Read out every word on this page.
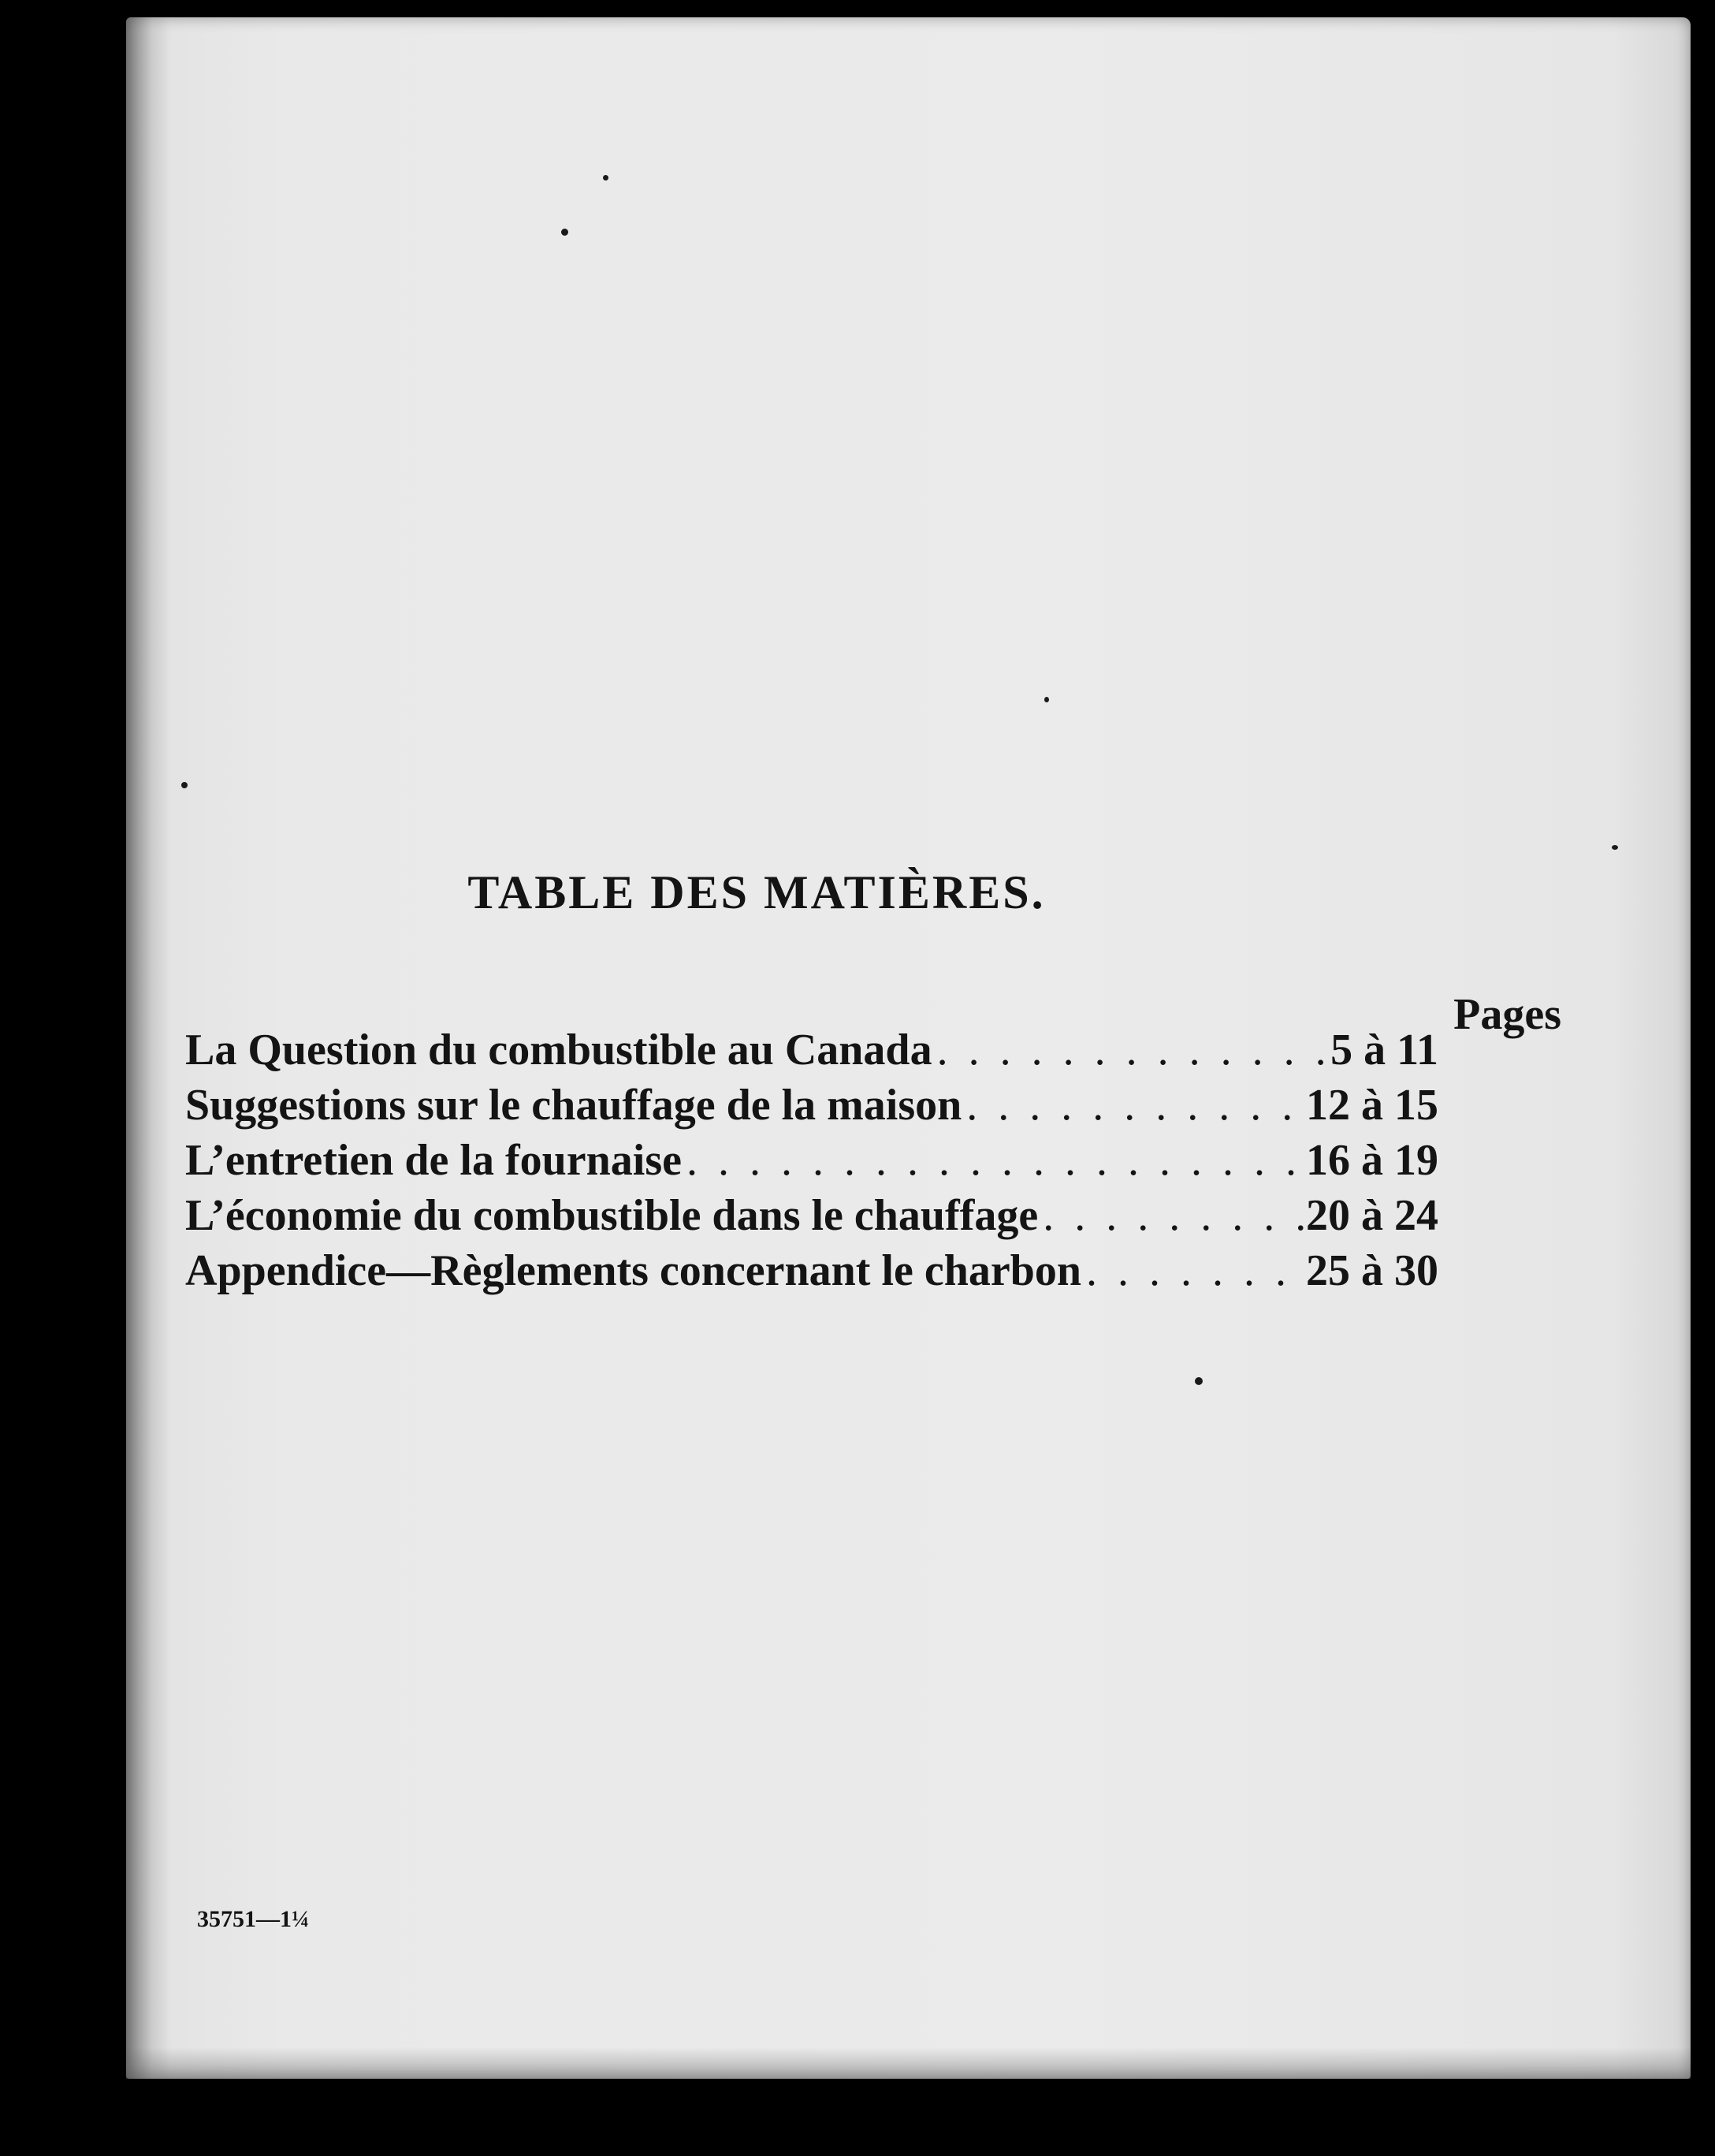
TABLE DES MATIÈRES.
Pages
La Question du combustible au Canada . . .	5 à 11
Suggestions sur le chauffage de la maison . . .	12 à 15
L’entretien de la fournaise . . .	16 à 19
L’économie du combustible dans le chauffage . . .	20 à 24
Appendice—Règlements concernant le charbon . . .	25 à 30
35751—1¼
